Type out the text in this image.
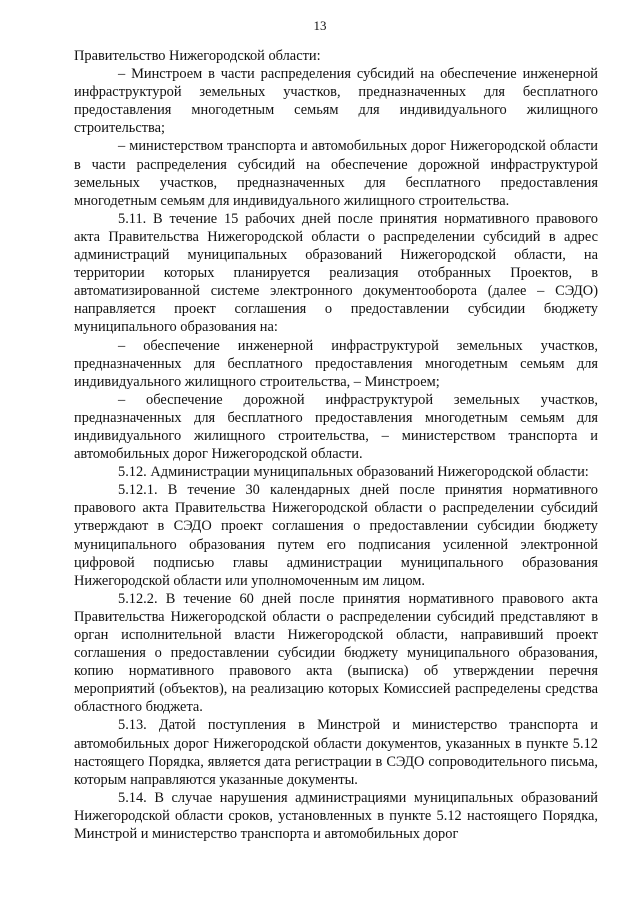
13

Правительство Нижегородской области:

– Минстроем в части распределения субсидий на обеспечение инженерной инфраструктурой земельных участков, предназначенных для бесплатного предоставления многодетным семьям для индивидуального жилищного строительства;

– министерством транспорта и автомобильных дорог Нижегородской области в части распределения субсидий на обеспечение дорожной инфраструктурой земельных участков, предназначенных для бесплатного предоставления многодетным семьям для индивидуального жилищного строительства.

5.11. В течение 15 рабочих дней после принятия нормативного правового акта Правительства Нижегородской области о распределении субсидий в адрес администраций муниципальных образований Нижегородской области, на территории которых планируется реализация отобранных Проектов, в автоматизированной системе электронного документооборота (далее – СЭДО) направляется проект соглашения о предоставлении субсидии бюджету муниципального образования на:

– обеспечение инженерной инфраструктурой земельных участков, предназначенных для бесплатного предоставления многодетным семьям для индивидуального жилищного строительства, – Минстроем;

– обеспечение дорожной инфраструктурой земельных участков, предназначенных для бесплатного предоставления многодетным семьям для индивидуального жилищного строительства, – министерством транспорта и автомобильных дорог Нижегородской области.

5.12. Администрации муниципальных образований Нижегородской области:

5.12.1. В течение 30 календарных дней после принятия нормативного правового акта Правительства Нижегородской области о распределении субсидий утверждают в СЭДО проект соглашения о предоставлении субсидии бюджету муниципального образования путем его подписания усиленной электронной цифровой подписью главы администрации муниципального образования Нижегородской области или уполномоченным им лицом.

5.12.2. В течение 60 дней после принятия нормативного правового акта Правительства Нижегородской области о распределении субсидий представляют в орган исполнительной власти Нижегородской области, направивший проект соглашения о предоставлении субсидии бюджету муниципального образования, копию нормативного правового акта (выписка) об утверждении перечня мероприятий (объектов), на реализацию которых Комиссией распределены средства областного бюджета.

5.13. Датой поступления в Минстрой и министерство транспорта и автомобильных дорог Нижегородской области документов, указанных в пункте 5.12 настоящего Порядка, является дата регистрации в СЭДО сопроводительного письма, которым направляются указанные документы.

5.14. В случае нарушения администрациями муниципальных образований Нижегородской области сроков, установленных в пункте 5.12 настоящего Порядка, Минстрой и министерство транспорта и автомобильных дорог
